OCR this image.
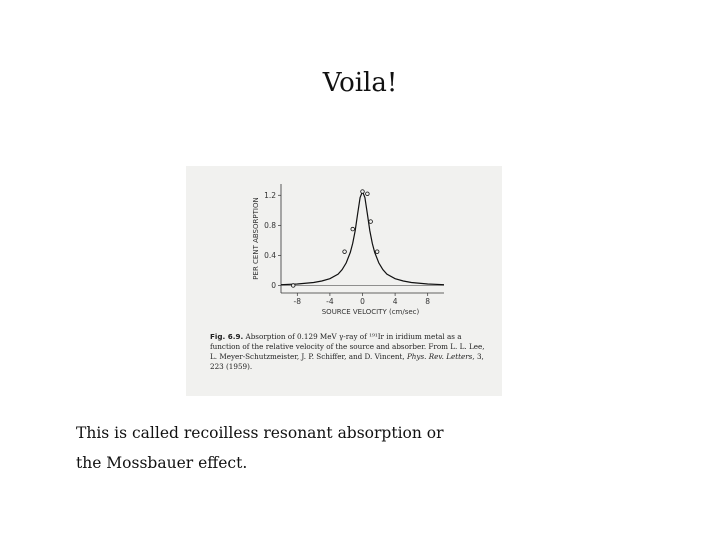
Voila!
0
0.4
0.8
1.2
-8	-4	0	4	8
SOURCE VELOCITY (cm/sec)
PER CENT ABSORPTION
Fig. 6.9. Absorption of 0.129 MeV γ-ray of ¹⁹¹Ir in iridium metal as a function of the relative velocity of the source and absorber. From L. L. Lee, L. Meyer-Schutzmeister, J. P. Schiffer, and D. Vincent, Phys. Rev. Letters, 3, 223 (1959).
This is called recoilless resonant absorption or
the Mossbauer effect.
